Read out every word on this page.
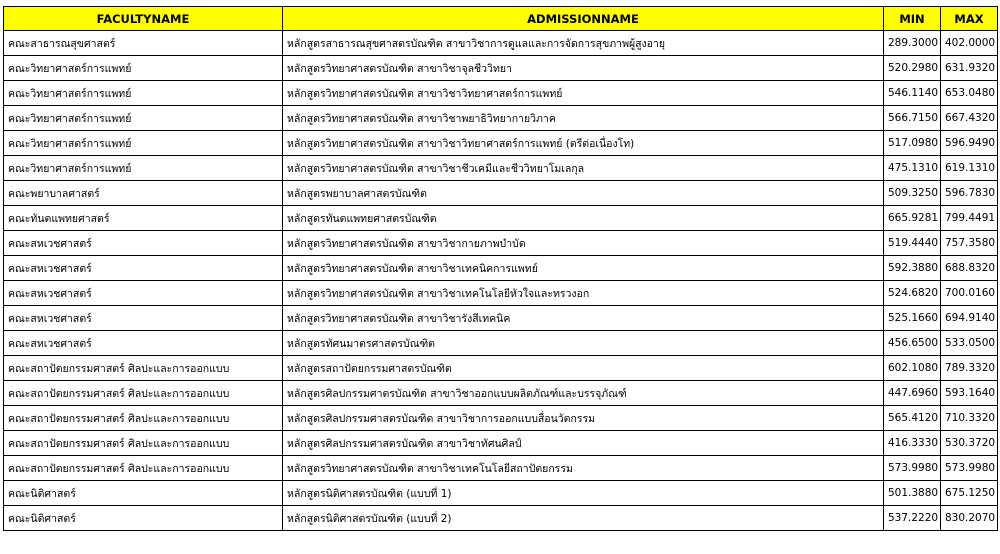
FACULTYNAME	ADMISSIONNAME	MIN	MAX
คณะสาธารณสุขศาสตร์	หลักสูตรสาธารณสุขศาสตรบัณฑิต สาขาวิชาการดูแลและการจัดการสุขภาพผู้สูงอายุ	289.3000	402.0000
คณะวิทยาศาสตร์การแพทย์	หลักสูตรวิทยาศาสตรบัณฑิต สาขาวิชาจุลชีววิทยา	520.2980	631.9320
คณะวิทยาศาสตร์การแพทย์	หลักสูตรวิทยาศาสตรบัณฑิต สาขาวิชาวิทยาศาสตร์การแพทย์	546.1140	653.0480
คณะวิทยาศาสตร์การแพทย์	หลักสูตรวิทยาศาสตรบัณฑิต สาขาวิชาพยาธิวิทยากายวิภาค	566.7150	667.4320
คณะวิทยาศาสตร์การแพทย์	หลักสูตรวิทยาศาสตรบัณฑิต สาขาวิชาวิทยาศาสตร์การแพทย์ (ตรีต่อเนื่องโท)	517.0980	596.9490
คณะวิทยาศาสตร์การแพทย์	หลักสูตรวิทยาศาสตรบัณฑิต สาขาวิชาชีวเคมีและชีววิทยาโมเลกุล	475.1310	619.1310
คณะพยาบาลศาสตร์	หลักสูตรพยาบาลศาสตรบัณฑิต	509.3250	596.7830
คณะทันตแพทยศาสตร์	หลักสูตรทันตแพทยศาสตรบัณฑิต	665.9281	799.4491
คณะสหเวชศาสตร์	หลักสูตรวิทยาศาสตรบัณฑิต สาขาวิชากายภาพบำบัด	519.4440	757.3580
คณะสหเวชศาสตร์	หลักสูตรวิทยาศาสตรบัณฑิต สาขาวิชาเทคนิคการแพทย์	592.3880	688.8320
คณะสหเวชศาสตร์	หลักสูตรวิทยาศาสตรบัณฑิต สาขาวิชาเทคโนโลยีหัวใจและทรวงอก	524.6820	700.0160
คณะสหเวชศาสตร์	หลักสูตรวิทยาศาสตรบัณฑิต สาขาวิชารังสีเทคนิค	525.1660	694.9140
คณะสหเวชศาสตร์	หลักสูตรทัศนมาตรศาสตรบัณฑิต	456.6500	533.0500
คณะสถาปัตยกรรมศาสตร์ ศิลปะและการออกแบบ	หลักสูตรสถาปัตยกรรมศาสตรบัณฑิต	602.1080	789.3320
คณะสถาปัตยกรรมศาสตร์ ศิลปะและการออกแบบ	หลักสูตรศิลปกรรมศาตรบัณฑิต สาขาวิชาออกแบบผลิตภัณฑ์และบรรจุภัณฑ์	447.6960	593.1640
คณะสถาปัตยกรรมศาสตร์ ศิลปะและการออกแบบ	หลักสูตรศิลปกรรมศาสตรบัณฑิต สาขาวิชาการออกแบบสื่อนวัตกรรม	565.4120	710.3320
คณะสถาปัตยกรรมศาสตร์ ศิลปะและการออกแบบ	หลักสูตรศิลปกรรมศาสตรบัณฑิต สาขาวิชาทัศนศิลป์	416.3330	530.3720
คณะสถาปัตยกรรมศาสตร์ ศิลปะและการออกแบบ	หลักสูตรวิทยาศาสตรบัณฑิต สาขาวิชาเทคโนโลยีสถาปัตยกรรม	573.9980	573.9980
คณะนิติศาสตร์	หลักสูตรนิติศาสตรบัณฑิต (แบบที่ 1)	501.3880	675.1250
คณะนิติศาสตร์	หลักสูตรนิติศาสตรบัณฑิต (แบบที่ 2)	537.2220	830.2070
